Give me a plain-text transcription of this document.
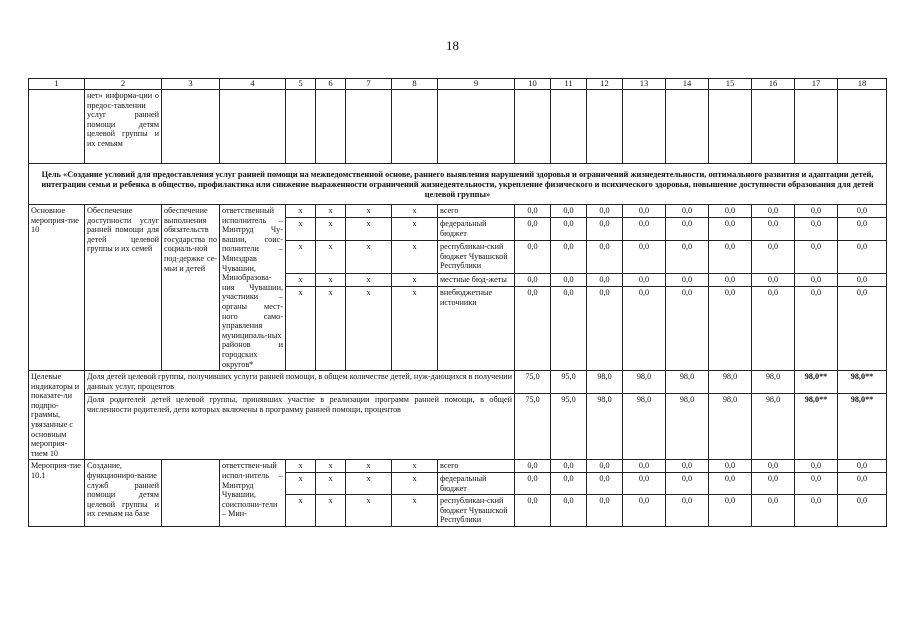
18
1	2	3	4	5	6	7	8	9	10	11	12	13	14	15	16	17	18
	нет» информа-ции о предос-тавлении услуг ранней помощи детям целевой группы и их семьям																
Цель «Создание условий для предоставления услуг ранней помощи на межведомственной основе, раннего выявления нарушений здоровья и ограничений жизнедеятельности, оптимального развития и адаптации детей, интеграции семьи и ребенка в общество, профилактика или снижение выраженности ограничений жизнедеятельности, укрепление физического и психического здоровья, повышение доступности образования для детей целевой группы»																	
Основное мероприя-тие 10	Обеспечение доступности услуг ранней помощи для детей целевой группы и их семей	обеспечение выполнения обязательств государства по социаль-ной под-держке се-мьи и детей	ответственный исполнитель – Минтруд Чу-вашии, соис-полнители – Минздрав Чувашии, Минобразова-ния Чувашии, участники – органы мест-ного само-управления муниципаль-ных районов и городских округов*	x	x	x	x	всего	0,0	0,0	0,0	0,0	0,0	0,0	0,0	0,0	0,0
				x	x	x	x	федеральный бюджет	0,0	0,0	0,0	0,0	0,0	0,0	0,0	0,0	0,0
				x	x	x	x	республикан-ский бюджет Чувашской Республики	0,0	0,0	0,0	0,0	0,0	0,0	0,0	0,0	0,0
				x	x	x	x	местные бюд-жеты	0,0	0,0	0,0	0,0	0,0	0,0	0,0	0,0	0,0
				x	x	x	x	внебюджетные источники	0,0	0,0	0,0	0,0	0,0	0,0	0,0	0,0	0,0
Целевые индикаторы и показате-ли подпро-граммы, увязанные с основным мероприя-тием 10	Доля детей целевой группы, получивших услуги ранней помощи, в общем количестве детей, нуж-дающихся в получении данных услуг, процентов								75,0	95,0	98,0	98,0	98,0	98,0	98,0	98,0**	98,0**
	Доля родителей детей целевой группы, принявших участие в реализации программ ранней помощи, в общей численности родителей, дети которых включены в программу ранней помощи, процентов								75,0	95,0	98,0	98,0	98,0	98,0	98,0	98,0**	98,0**
Мероприя-тие 10.1	Создание, функциониро-вание служб ранней помощи детям целевой группы и их семьям на базе		ответствен-ный испол-нитель – Минтруд Чувашии, соисполни-тели – Мин-	x	x	x	x	всего	0,0	0,0	0,0	0,0	0,0	0,0	0,0	0,0	0,0
				x	x	x	x	федеральный бюджет	0,0	0,0	0,0	0,0	0,0	0,0	0,0	0,0	0,0
				x	x	x	x	республикан-ский бюджет Чувашской Республики	0,0	0,0	0,0	0,0	0,0	0,0	0,0	0,0	0,0
